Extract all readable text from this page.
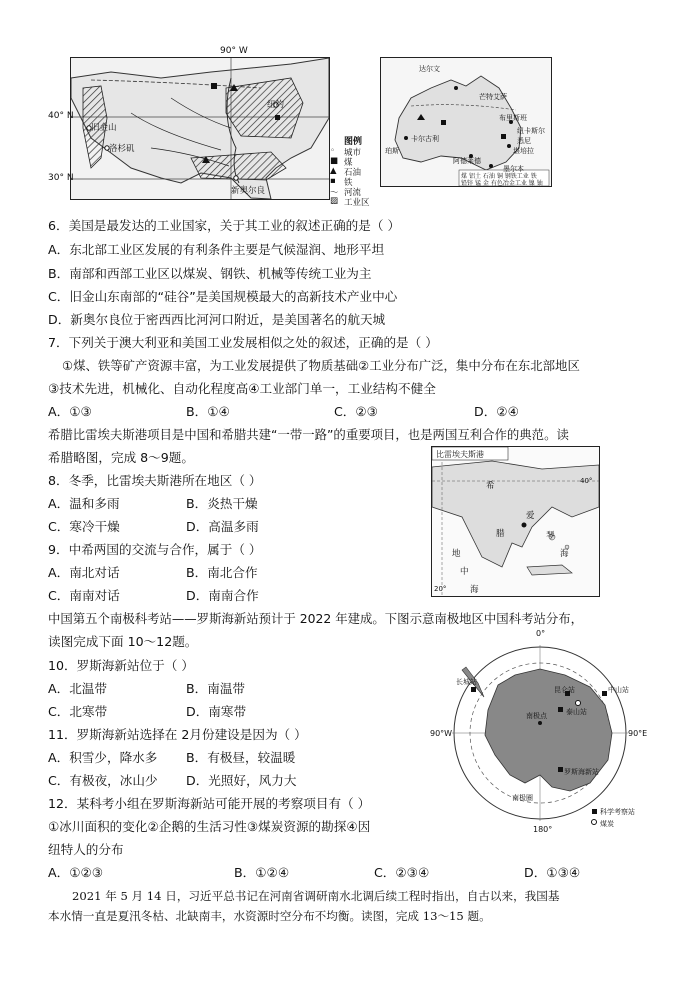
旧金山
洛杉矶
纽约
新奥尔良
90° W
40° N
30° N
图例
◦ 城市
■ 煤
▲ 石油
▪ 铁
〜 河流
▨ 工业区
达尔文
芒特艾萨
卡尔古利
布里斯班
纽卡斯尔
悉尼
堪培拉
珀斯
阿德莱德
墨尔本
煤 铝土 石油 铜 钢铁工业 铁
铅锌 锰 金 有色冶金工业 镍 铀
6．美国是最发达的工业国家，关于其工业的叙述正确的是（ ）
A．东北部工业区发展的有利条件主要是气候湿润、地形平坦
B．南部和西部工业区以煤炭、钢铁、机械等传统工业为主
C．旧金山东南部的“硅谷”是美国规模最大的高新技术产业中心
D．新奥尔良位于密西西比河河口附近，是美国著名的航天城
7．下列关于澳大利亚和美国工业发展相似之处的叙述，正确的是（ ）
①煤、铁等矿产资源丰富，为工业发展提供了物质基础②工业分布广泛，集中分布在东北部地区
③技术先进，机械化、自动化程度高④工业部门单一，工业结构不健全
A．①③	B．①④	C．②③	D．②④
希腊比雷埃夫斯港项目是中国和希腊共建“一带一路”的重要项目，也是两国互利合作的典范。读
希腊略图，完成 8～9题。	比雷埃夫斯港
40°
20°
希
腊
爱
琴
海
地
中
海
8．冬季，比雷埃夫斯港所在地区（ ）
A．温和多雨	B．炎热干燥
C．寒冷干燥	D．高温多雨
9．中希两国的交流与合作，属于（ ）
A．南北对话	B．南北合作
C．南南对话	D．南南合作
中国第五个南极科考站——罗斯海新站预计于 2022 年建成。下图示意南极地区中国科考站分布，
读图完成下面 10～12题。
0°
90°W	90°E
180°
长城站
中山站
昆仑站
泰山站
南极点
罗斯海新站
南极圈
科学考察站
煤炭
10．罗斯海新站位于（ ）
A．北温带	B．南温带
C．北寒带	D．南寒带
11．罗斯海新站选择在 2月份建设是因为（ ）
A．积雪少，降水多 B．有极昼，较温暖
C．有极夜，冰山少 D．光照好，风力大
12．某科考小组在罗斯海新站可能开展的考察项目有（ ）
①冰川面积的变化②企鹅的生活习性③煤炭资源的勘探④因
纽特人的分布
A．①②③	B．①②④	C．②③④	D．①③④
2021 年 5 月 14 日，习近平总书记在河南省调研南水北调后续工程时指出，自古以来，我国基
本水情一直是夏汛冬枯、北缺南丰，水资源时空分布不均衡。读图，完成 13～15 题。
